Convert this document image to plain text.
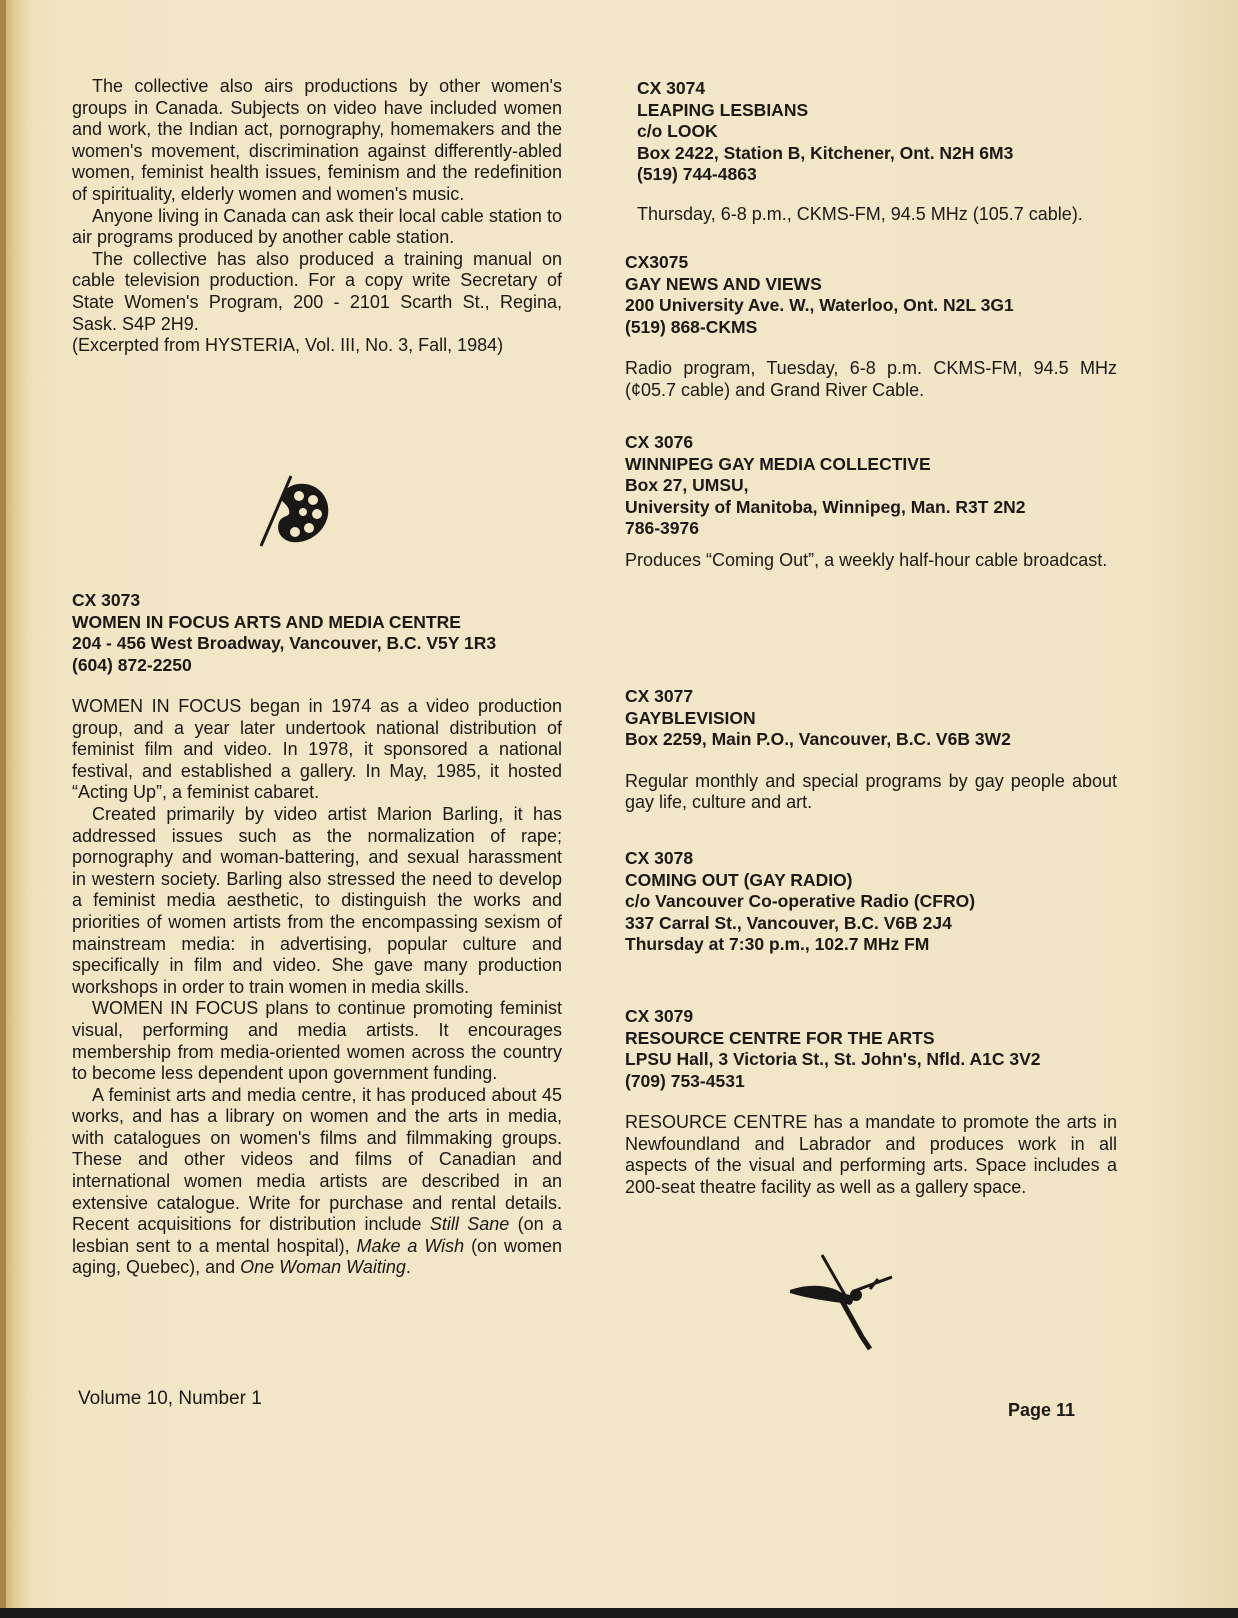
The collective also airs productions by other women's groups in Canada. Subjects on video have included women and work, the Indian act, pornography, homemakers and the women's movement, discrimination against differently-abled women, feminist health issues, feminism and the redefinition of spirituality, elderly women and women's music.

Anyone living in Canada can ask their local cable station to air programs produced by another cable station.

The collective has also produced a training manual on cable television production. For a copy write Secretary of State Women's Program, 200 - 2101 Scarth St., Regina, Sask. S4P 2H9.

(Excerpted from HYSTERIA, Vol. III, No. 3, Fall, 1984)

CX 3073
WOMEN IN FOCUS ARTS AND MEDIA CENTRE
204 - 456 West Broadway, Vancouver, B.C. V5Y 1R3
(604) 872-2250

WOMEN IN FOCUS began in 1974 as a video production group, and a year later undertook national distribution of feminist film and video. In 1978, it sponsored a national festival, and established a gallery. In May, 1985, it hosted “Acting Up”, a feminist cabaret.

Created primarily by video artist Marion Barling, it has addressed issues such as the normalization of rape; pornography and woman-battering, and sexual harassment in western society. Barling also stressed the need to develop a feminist media aesthetic, to distinguish the works and priorities of women artists from the encompassing sexism of mainstream media: in advertising, popular culture and specifically in film and video. She gave many production workshops in order to train women in media skills.

WOMEN IN FOCUS plans to continue promoting feminist visual, performing and media artists. It encourages membership from media-oriented women across the country to become less dependent upon government funding.

A feminist arts and media centre, it has produced about 45 works, and has a library on women and the arts in media, with catalogues on women's films and filmmaking groups. These and other videos and films of Canadian and international women media artists are described in an extensive catalogue. Write for purchase and rental details. Recent acquisitions for distribution include Still Sane (on a lesbian sent to a mental hospital), Make a Wish (on women aging, Quebec), and One Woman Waiting.

CX 3074
LEAPING LESBIANS
c/o LOOK
Box 2422, Station B, Kitchener, Ont. N2H 6M3
(519) 744-4863

Thursday, 6-8 p.m., CKMS-FM, 94.5 MHz (105.7 cable).

CX3075
GAY NEWS AND VIEWS
200 University Ave. W., Waterloo, Ont. N2L 3G1
(519) 868-CKMS

Radio program, Tuesday, 6-8 p.m. CKMS-FM, 94.5 MHz (¢05.7 cable) and Grand River Cable.

CX 3076
WINNIPEG GAY MEDIA COLLECTIVE
Box 27, UMSU,
University of Manitoba, Winnipeg, Man. R3T 2N2
786-3976

Produces “Coming Out”, a weekly half-hour cable broadcast.

CX 3077
GAYBLEVISION
Box 2259, Main P.O., Vancouver, B.C. V6B 3W2

Regular monthly and special programs by gay people about gay life, culture and art.

CX 3078
COMING OUT (GAY RADIO)
c/o Vancouver Co-operative Radio (CFRO)
337 Carral St., Vancouver, B.C. V6B 2J4
Thursday at 7:30 p.m., 102.7 MHz FM
CX 3079
RESOURCE CENTRE FOR THE ARTS
LPSU Hall, 3 Victoria St., St. John's, Nfld. A1C 3V2
(709) 753-4531

RESOURCE CENTRE has a mandate to promote the arts in Newfoundland and Labrador and produces work in all aspects of the visual and performing arts. Space includes a 200-seat theatre facility as well as a gallery space.

Volume 10, Number 1
Page 11
